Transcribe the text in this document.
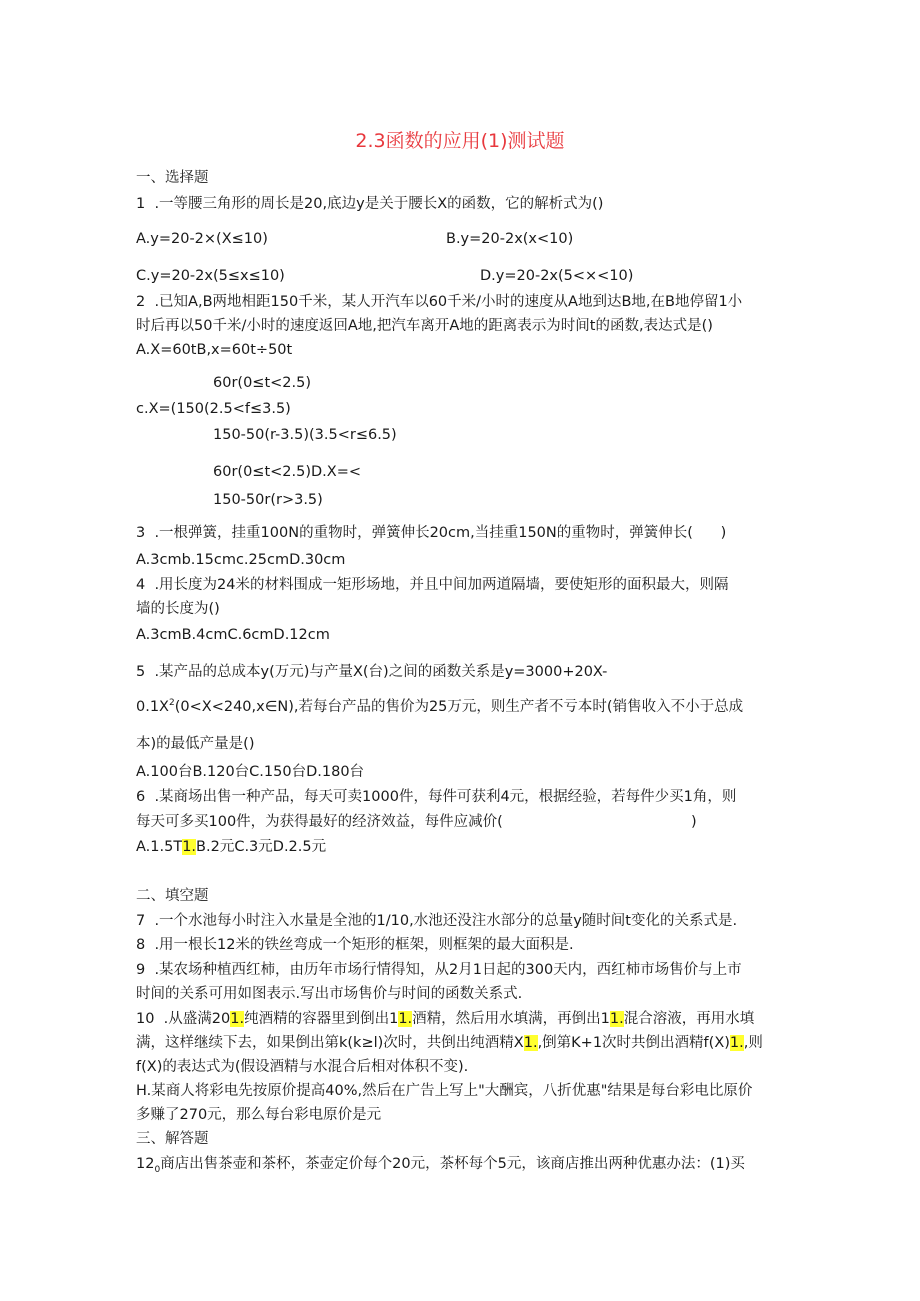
2.3函数的应用(1)测试题
一、选择题
1  .一等腰三角形的周长是20,底边y是关于腰长X的函数，它的解析式为()
A.y=20-2×(X≤10)	B.y=20-2x(x<10)
C.y=20-2x(5≤x≤10)	D.y=20-2x(5<×<10)
2  .已知A,B两地相距150千米，某人开汽车以60千米/小时的速度从A地到达B地,在B地停留1小
时后再以50千米/小时的速度返回A地,把汽车离开A地的距离表示为时间t的函数,表达式是()
A.X=60tB,x=60t÷50t
60r(0≤t<2.5)
c.X=(150(2.5<f≤3.5)
150-50(r-3.5)(3.5<r≤6.5)
60r(0≤t<2.5)D.X=<
150-50r(r>3.5)
3  .一根弹簧，挂重100N的重物时，弹簧伸长20cm,当挂重150N的重物时，弹簧伸长(      )
A.3cmb.15cmc.25cmD.30cm
4  .用长度为24米的材料围成一矩形场地，并且中间加两道隔墙，要使矩形的面积最大，则隔
墙的长度为()
A.3cmB.4cmC.6cmD.12cm
5  .某产品的总成本y(万元)与产量X(台)之间的函数关系是y=3000+20X-
$0.1X^2(0<X<240,x\in N)$,若每台产品的售价为25万元，则生产者不亏本时(销售收入不小于总成
本)的最低产量是()
A.100台B.120台C.150台D.180台
6  .某商场出售一种产品，每天可卖1000件，每件可获利4元，根据经验，若每件少买1角，则
每天可多买100件，为获得最好的经济效益，每件应减价(	)
A.1.5T1.B.2元C.3元D.2.5元
二、填空题
7  .一个水池每小时注入水量是全池的1/10,水池还没注水部分的总量y随时间t变化的关系式是.
8  .用一根长12米的铁丝弯成一个矩形的框架，则框架的最大面积是.
9  .某农场种植西红柿，由历年市场行情得知，从2月1日起的300天内，西红柿市场售价与上市
时间的关系可用如图表示.写出市场售价与时间的函数关系式.
10  .从盛满201.纯酒精的容器里到倒出11.酒精，然后用水填满，再倒出11.混合溶液，再用水填
满，这样继续下去，如果倒出第k(k≥l)次时，共倒出纯酒精X1.,倒第K+1次时共倒出酒精f(X)1.,则
f(X)的表达式为(假设酒精与水混合后相对体积不变).
H.某商人将彩电先按原价提高40%,然后在广告上写上"大酬宾，八折优惠"结果是每台彩电比原价
多赚了270元，那么每台彩电原价是元
三、解答题
$12_0$商店出售茶壶和茶杯，茶壶定价每个20元，茶杯每个5元，该商店推出两种优惠办法：(1)买
